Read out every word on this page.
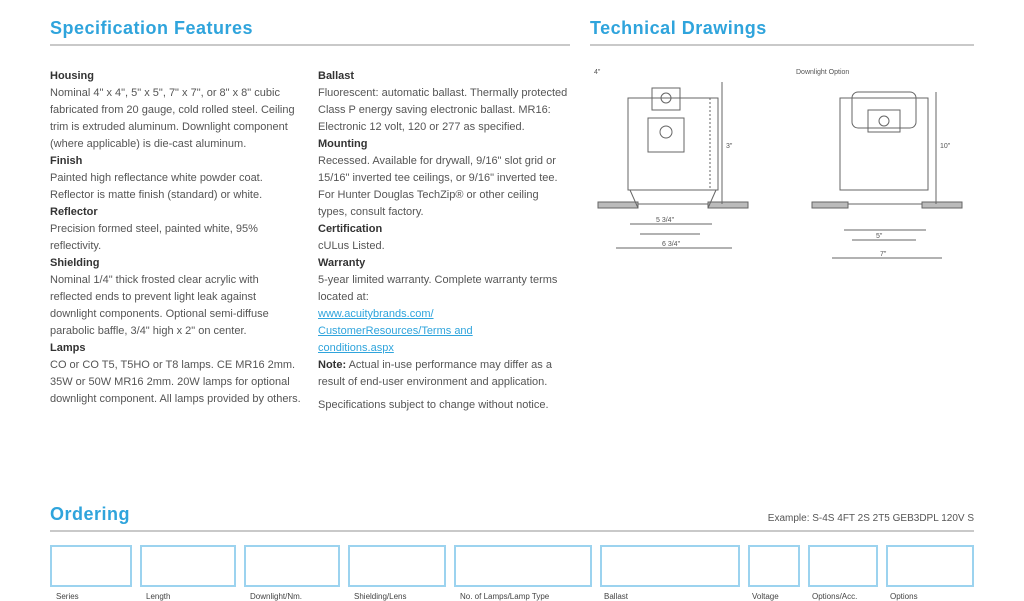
Specification Features	Technical Drawings
Housing

Nominal 4" x 4", 5" x 5", 7" x 7", or 8" x 8" cubic fabricated from 20 gauge, cold rolled steel. Ceiling trim is extruded aluminum. Downlight component (where applicable) is die-cast aluminum.

Finish

Painted high reflectance white powder coat. Reflector is matte finish (standard) or white.

Reflector

Precision formed steel, painted white, 95% reflectivity.

Shielding

Nominal 1/4" thick frosted clear acrylic with reflected ends to prevent light leak against downlight components. Optional semi-diffuse parabolic baffle, 3/4" high x 2" on center.

Lamps

CO or CO T5, T5HO or T8 lamps. CE MR16 2mm. 35W or 50W MR16 2mm. 20W lamps for optional downlight component. All lamps provided by others.

Ballast

Fluorescent: automatic ballast. Thermally protected Class P energy saving electronic ballast. MR16: Electronic 12 volt, 120 or 277 as specified.

Mounting

Recessed. Available for drywall, 9/16" slot grid or 15/16" inverted tee ceilings, or 9/16" inverted tee. For Hunter Douglas TechZip® or other ceiling types, consult factory.

Certification

cULus Listed.

Warranty

5-year limited warranty. Complete warranty terms located at:

www.acuitybrands.com/
CustomerResources/Terms and
conditions.aspx

Note: Actual in-use performance may differ as a result of end-user environment and application.

Specifications subject to change without notice.

4"	Downlight Option
3"
5 3/4"
6 3/4"
10"
5"
7"
Ordering	Example: S-4S 4FT 2S 2T5 GEB3DPL 120V S
Series	Length	Downlight/Nm.	Shielding/Lens	No. of Lamps/Lamp Type	Ballast	Voltage	Options/Acc.	Options
